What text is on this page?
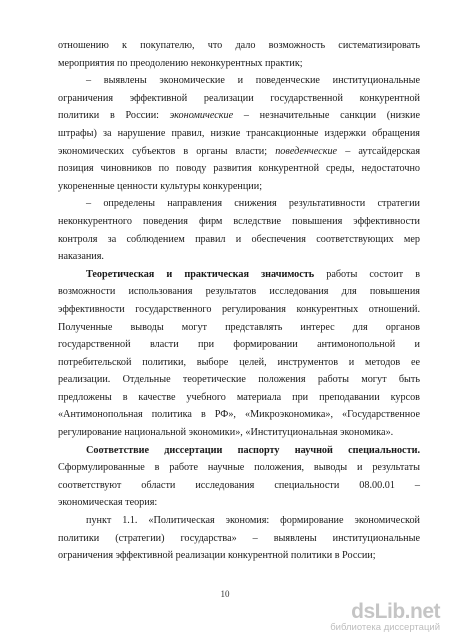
отношению к покупателю, что дало возможность систематизировать

мероприятия по преодолению неконкурентных практик;

– выявлены экономические и поведенческие институциональные

ограничения эффективной реализации государственной конкурентной

политики в России: экономические – незначительные санкции (низкие

штрафы) за нарушение правил, низкие трансакционные издержки обращения

экономических субъектов в органы власти; поведенческие – аутсайдерская

позиция чиновников по поводу развития конкурентной среды, недостаточно

укорененные ценности культуры конкуренции;

– определены направления снижения результативности стратегии

неконкурентного поведения фирм вследствие повышения эффективности

контроля за соблюдением правил и обеспечения соответствующих мер

наказания.

Теоретическая и практическая значимость работы состоит в

возможности использования результатов исследования для повышения

эффективности государственного регулирования конкурентных отношений.

Полученные выводы могут представлять интерес для органов

государственной власти при формировании антимонопольной и

потребительской политики, выборе целей, инструментов и методов ее

реализации. Отдельные теоретические положения работы могут быть

предложены в качестве учебного материала при преподавании курсов

«Антимонопольная политика в РФ», «Микроэкономика», «Государственное

регулирование национальной экономики», «Институциональная экономика».

Соответствие диссертации паспорту научной специальности.

Сформулированные в работе научные положения, выводы и результаты

соответствуют области исследования специальности 08.00.01 –

экономическая теория:

пункт 1.1. «Политическая экономия: формирование экономической

политики (стратегии) государства» – выявлены институциональные

ограничения эффективной реализации конкурентной политики в России;

10
dsLib.net
библиотека диссертаций
